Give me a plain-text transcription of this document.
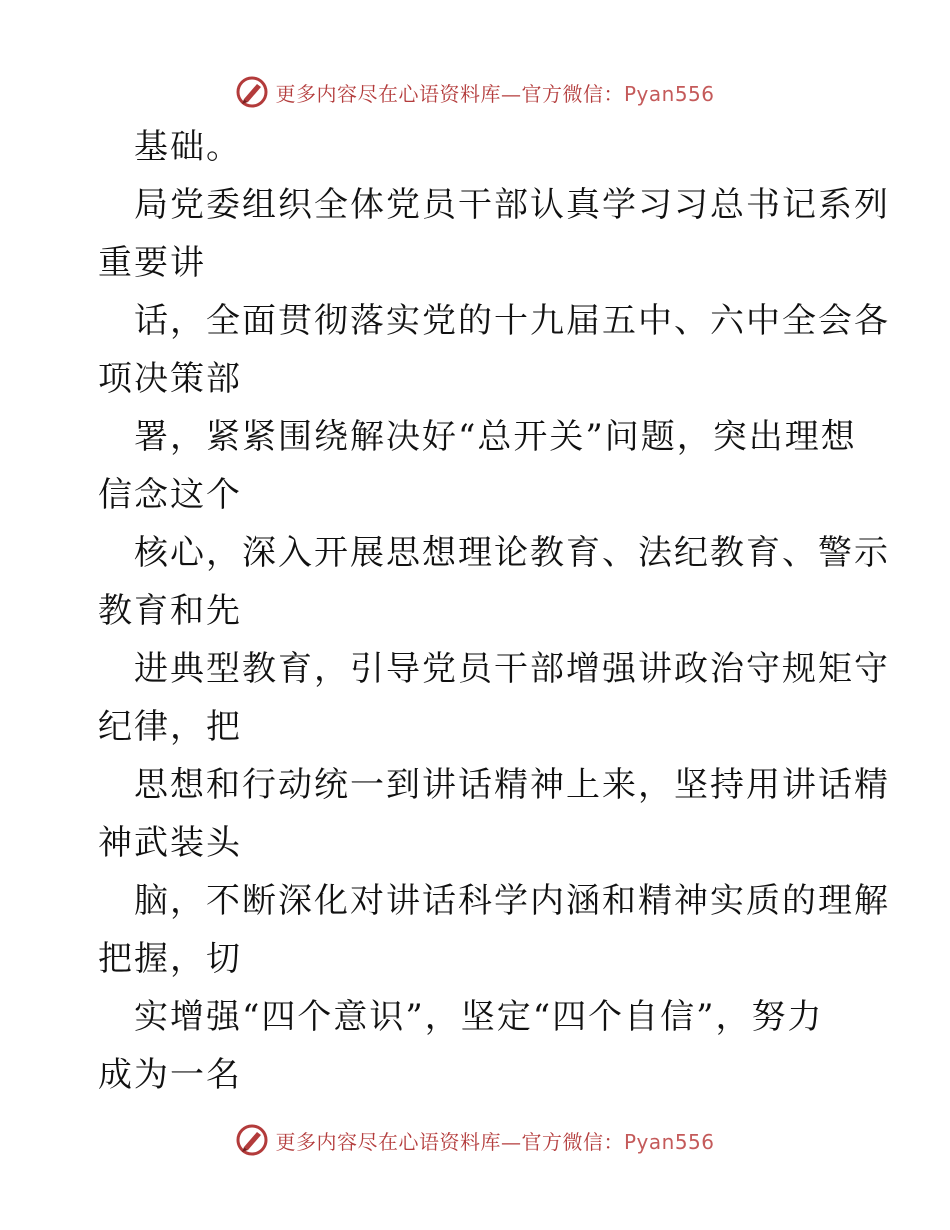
更多内容尽在心语资料库—官方微信：Pyan556
基础。
局党委组织全体党员干部认真学习习总书记系列
重要讲
话，全面贯彻落实党的十九届五中、六中全会各
项决策部
署，紧紧围绕解决好“总开关”问题，突出理想
信念这个
核心，深入开展思想理论教育、法纪教育、警示
教育和先
进典型教育，引导党员干部增强讲政治守规矩守
纪律，把
思想和行动统一到讲话精神上来，坚持用讲话精
神武装头
脑，不断深化对讲话科学内涵和精神实质的理解
把握，切
实增强“四个意识”，坚定“四个自信”，努力
成为一名
更多内容尽在心语资料库—官方微信：Pyan556
